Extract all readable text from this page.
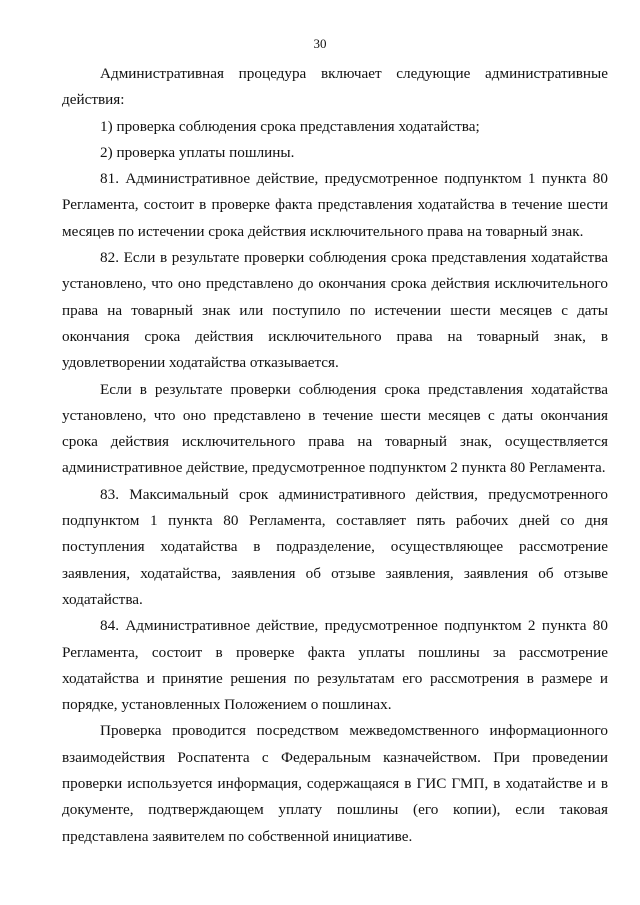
30

Административная процедура включает следующие административные действия:

1) проверка соблюдения срока представления ходатайства;

2) проверка уплаты пошлины.

81. Административное действие, предусмотренное подпунктом 1 пункта 80 Регламента, состоит в проверке факта представления ходатайства в течение шести месяцев по истечении срока действия исключительного права на товарный знак.

82. Если в результате проверки соблюдения срока представления ходатайства установлено, что оно представлено до окончания срока действия исключительного права на товарный знак или поступило по истечении шести месяцев с даты окончания срока действия исключительного права на товарный знак, в удовлетворении ходатайства отказывается.

Если в результате проверки соблюдения срока представления ходатайства установлено, что оно представлено в течение шести месяцев с даты окончания срока действия исключительного права на товарный знак, осуществляется административное действие, предусмотренное подпунктом 2 пункта 80 Регламента.

83. Максимальный срок административного действия, предусмотренного подпунктом 1 пункта 80 Регламента, составляет пять рабочих дней со дня поступления ходатайства в подразделение, осуществляющее рассмотрение заявления, ходатайства, заявления об отзыве заявления, заявления об отзыве ходатайства.

84. Административное действие, предусмотренное подпунктом 2 пункта 80 Регламента, состоит в проверке факта уплаты пошлины за рассмотрение ходатайства и принятие решения по результатам его рассмотрения в размере и порядке, установленных Положением о пошлинах.

Проверка проводится посредством межведомственного информационного взаимодействия Роспатента с Федеральным казначейством. При проведении проверки используется информация, содержащаяся в ГИС ГМП, в ходатайстве и в документе, подтверждающем уплату пошлины (его копии), если таковая представлена заявителем по собственной инициативе.
